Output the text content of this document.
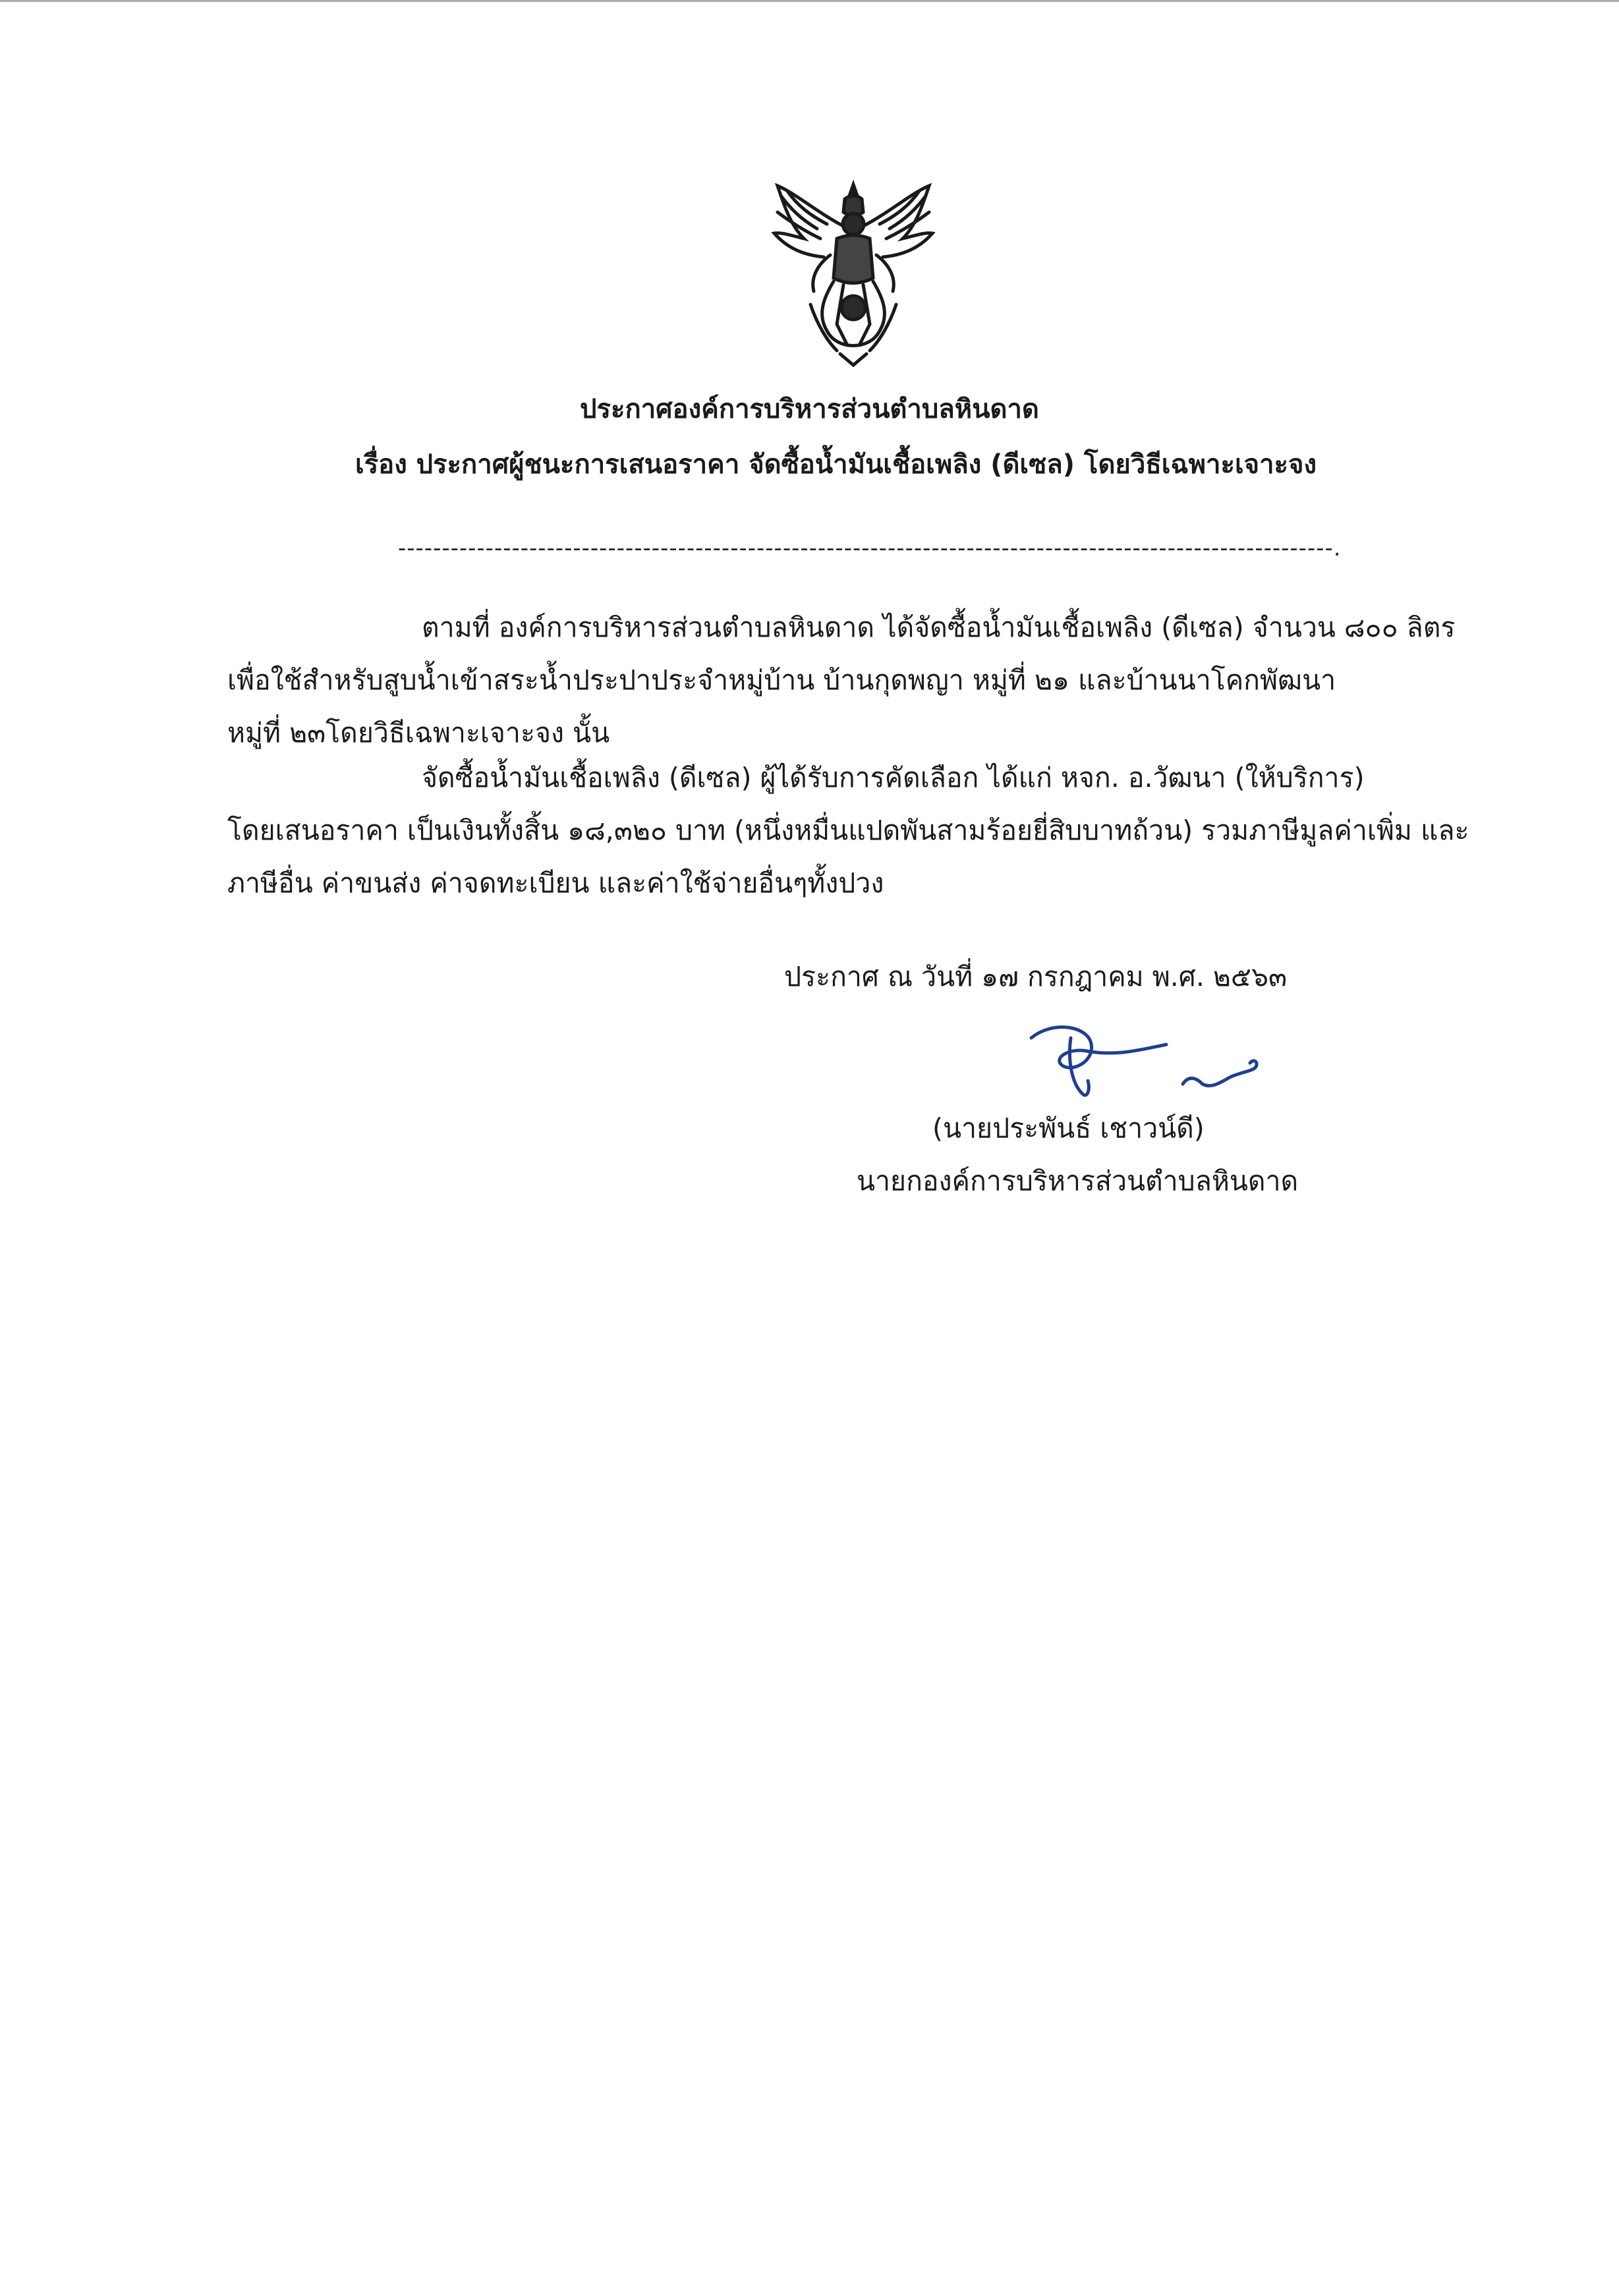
ประกาศองค์การบริหารส่วนตำบลหินดาด
เรื่อง ประกาศผู้ชนะการเสนอราคา จัดซื้อน้ำมันเชื้อเพลิง (ดีเซล) โดยวิธีเฉพาะเจาะจง
-----------------------------------------------------------------------------------------------------------.
ตามที่ องค์การบริหารส่วนตำบลหินดาด ได้จัดซื้อน้ำมันเชื้อเพลิง (ดีเซล) จำนวน ๘๐๐ ลิตร
เพื่อใช้สำหรับสูบน้ำเข้าสระน้ำประปาประจำหมู่บ้าน บ้านกุดพญา หมู่ที่ ๒๑ และบ้านนาโคกพัฒนา
หมู่ที่ ๒๓โดยวิธีเฉพาะเจาะจง นั้น
จัดซื้อน้ำมันเชื้อเพลิง (ดีเซล) ผู้ได้รับการคัดเลือก ได้แก่ หจก. อ.วัฒนา (ให้บริการ)
โดยเสนอราคา เป็นเงินทั้งสิ้น ๑๘,๓๒๐ บาท (หนึ่งหมื่นแปดพันสามร้อยยี่สิบบาทถ้วน) รวมภาษีมูลค่าเพิ่ม และ
ภาษีอื่น ค่าขนส่ง ค่าจดทะเบียน และค่าใช้จ่ายอื่นๆทั้งปวง
ประกาศ ณ วันที่ ๑๗ กรกฎาคม พ.ศ. ๒๕๖๓
(นายประพันธ์ เชาวน์ดี)
นายกองค์การบริหารส่วนตำบลหินดาด
